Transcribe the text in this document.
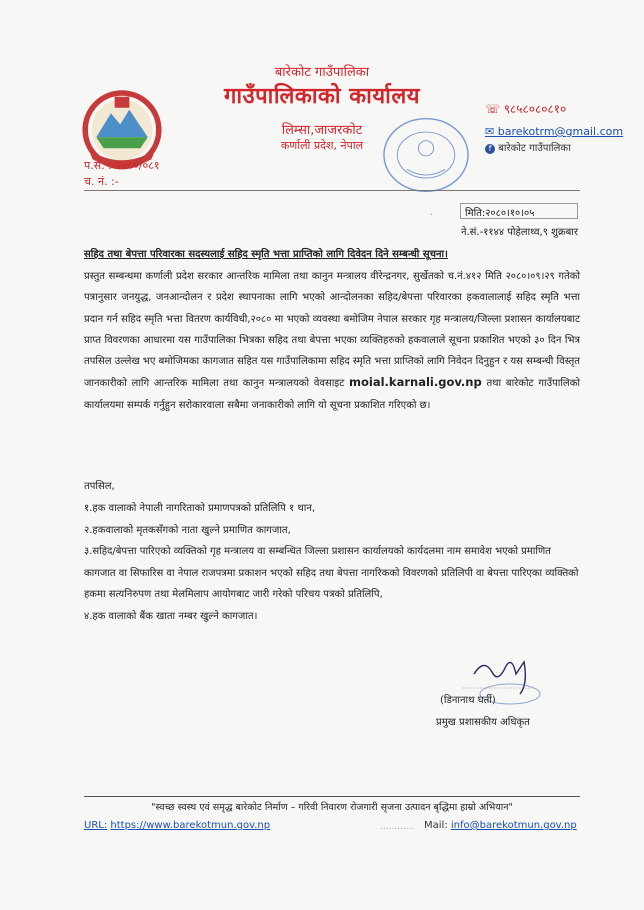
बारेकोट गाउँपालिका
गाउँपालिकाको कार्यालय
लिम्सा,जाजरकोट
कर्णाली प्रदेश, नेपाल
☏ ९८५८०८०८१०
✉ barekotrm@gmail.com
f बारेकोट गाउँपालिका
प.स. :-२०८०/०८१
च. नं. :-
·	मिति:२०८०।१०।०५
ने.सं.-११४४ पोहेलाथ्व,९ शुक्रबार
सहिद तथा बेपत्ता परिवारका सदस्यलाई सहिद स्मृति भत्ता प्राप्तिको लागि दिवेदन दिने सम्बन्धी सूचना।
प्रस्तुत सम्बन्धमा कर्णाली प्रदेश सरकार आन्तरिक मामिला तथा कानुन मन्त्रालय वीरेन्द्रनगर, सुर्खेतको च.नं.४१२ मिति २०८०।०९।२९ गतेको पत्रानुसार जनयुद्ध, जनआन्दोलन र प्रदेश स्थापनाका लागि भएको आन्दोलनका सहिद/बेपत्ता परिवारका हकवालालाई सहिद स्मृति भत्ता प्रदान गर्न सहिद स्मृति भत्ता वितरण कार्यविधी,२०८० मा भएको व्यवस्था बमोजिम नेपाल सरकार गृह मन्त्रालय/जिल्ला प्रशासन कार्यालयबाट प्राप्त विवरणका आधारमा यस गाउँपालिका भित्रका सहिद तथा बेपत्ता भएका व्यक्तिहरुको हकवालाले सूचना प्रकाशित भएको ३० दिन भित्र तपसिल उल्लेख भए बमोजिमका कागजात सहित यस गाउँपालिकामा सहिद स्मृति भत्ता प्राप्तिको लागि निवेदन दिनुहुन र यस सम्बन्धी विस्तृत जानकारीको लागि आन्तरिक मामिला तथा कानुन मन्त्रालयको वेवसाइट moial.karnali.gov.np तथा बारेकोट गाउँपालिको कार्यालयमा सम्पर्क गर्नुहुन सरोकारवाला सबैमा जनाकारीको लागि यो सूचना प्रकाशित गरिएको छ।
तपसिल,
१.हक वालाको नेपाली नागरिताको प्रमाणपत्रको प्रतिलिपि १ थान,
२.हकवालाको मृतकसँगको नाता खुल्ने प्रमाणित कागजात,
३.सहिद/बेपत्ता पारिएको व्यक्तिको गृह मन्त्रालय वा सम्बन्धित जिल्ला प्रशासन कार्यालयको कार्यदलमा नाम समावेश भएको प्रमाणित कागजात वा सिफारिस वा नेपाल राजपत्रमा प्रकाशन भएको सहिद तथा बेपत्ता नागरिकको विवरणको प्रतिलिपी वा बेपत्ता पारिएका व्यक्तिको हकमा सत्यनिरुपण तथा मेलमिलाप आयोगबाट जारी गरेको परिचय पत्रको प्रतिलिपि,
४.हक वालाको बैंक खाता नम्बर खुल्ने कागजात।
(डिनानाथ घर्ती)
प्रमुख प्रशासकीय अधिकृत
"स्वच्छ स्वस्थ एवं समृद्ध बारेकोट निर्माण – गरिवी निवारण रोजगारी सृजना उत्पादन बृद्धिमा हाम्रो अभियान"
URL: https://www.barekotmun.gov.np	............ Mail: info@barekotmun.gov.np
